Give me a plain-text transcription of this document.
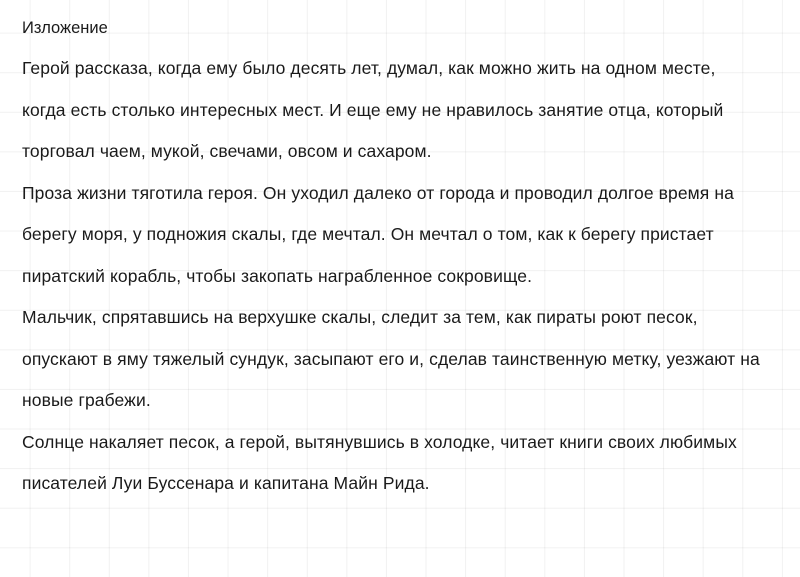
Изложение

Герой рассказа, когда ему было десять лет, думал, как можно жить на одном месте, когда есть столько интересных мест. И еще ему не нравилось занятие отца, который торговал чаем, мукой, свечами, овсом и сахаром.

Проза жизни тяготила героя. Он уходил далеко от города и проводил долгое время на берегу моря, у подножия скалы, где мечтал. Он мечтал о том, как к берегу пристает пиратский корабль, чтобы закопать награбленное сокровище.

Мальчик, спрятавшись на верхушке скалы, следит за тем, как пираты роют песок, опускают в яму тяжелый сундук, засыпают его и, сделав таинственную метку, уезжают на новые грабежи.

Солнце накаляет песок, а герой, вытянувшись в холодке, читает книги своих любимых писателей Луи Буссенара и капитана Майн Рида.
